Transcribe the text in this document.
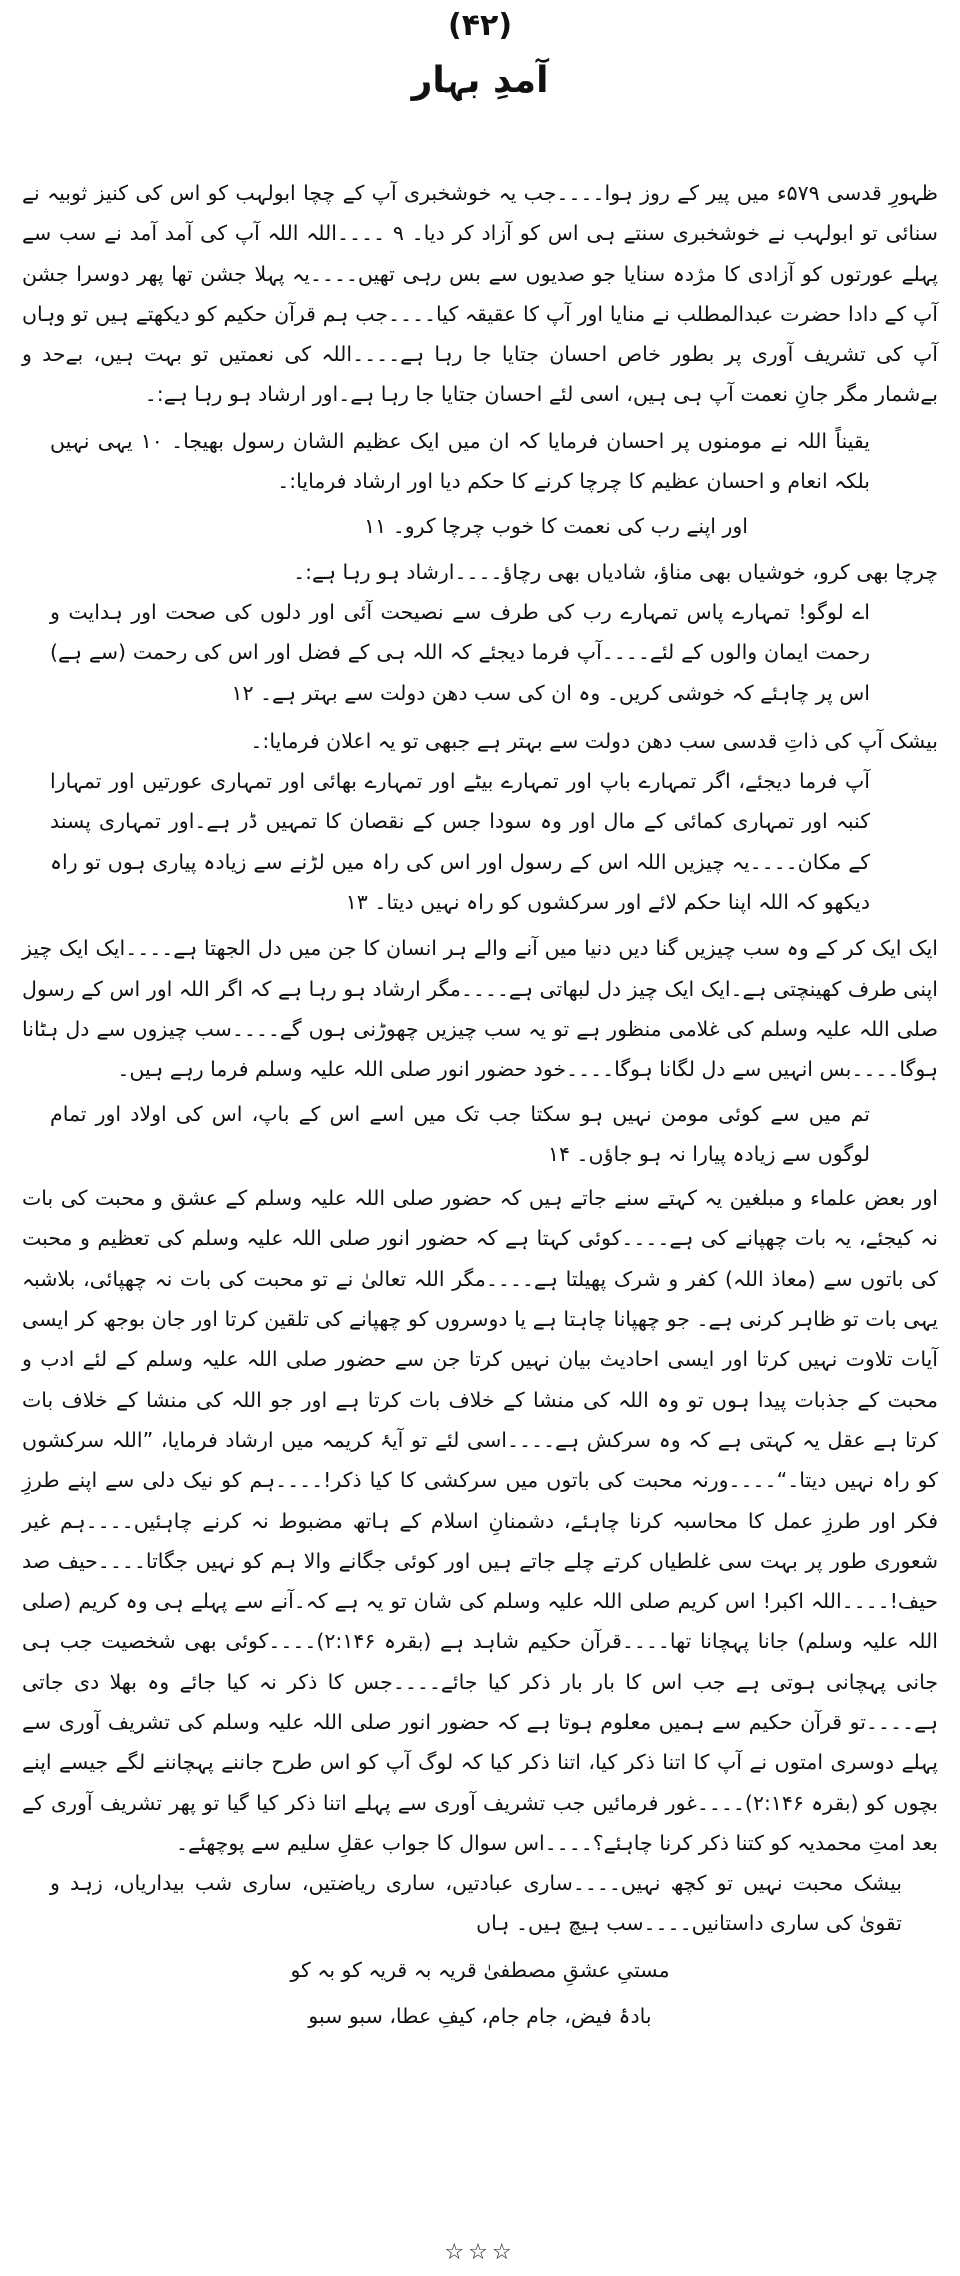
(۴۲)
آمدِ بہار

ظہورِ قدسی ۵۷۹ء میں پیر کے روز ہوا۔۔۔۔جب یہ خوشخبری آپ کے چچا ابولہب کو اس کی کنیز ثوبیہ نے سنائی تو ابولہب نے خوشخبری سنتے ہی اس کو آزاد کر دیا۔ ۹ ۔۔۔۔اللہ اللہ آپ کی آمد آمد نے سب سے پہلے عورتوں کو آزادی کا مژدہ سنایا جو صدیوں سے بس رہی تھیں۔۔۔۔یہ پہلا جشن تھا پھر دوسرا جشن آپ کے دادا حضرت عبدالمطلب نے منایا اور آپ کا عقیقہ کیا۔۔۔۔جب ہم قرآن حکیم کو دیکھتے ہیں تو وہاں آپ کی تشریف آوری پر بطور خاص احسان جتایا جا رہا ہے۔۔۔۔اللہ کی نعمتیں تو بہت ہیں، بےحد و بےشمار مگر جانِ نعمت آپ ہی ہیں، اسی لئے احسان جتایا جا رہا ہے۔اور ارشاد ہو رہا ہے:۔

یقیناً اللہ نے مومنوں پر احسان فرمایا کہ ان میں ایک عظیم الشان رسول بھیجا۔ ۱۰ یہی نہیں بلکہ انعام و احسان عظیم کا چرچا کرنے کا حکم دیا اور ارشاد فرمایا:۔

اور اپنے رب کی نعمت کا خوب چرچا کرو۔ ۱۱

چرچا بھی کرو، خوشیاں بھی مناؤ، شادیاں بھی رچاؤ۔۔۔۔ارشاد ہو رہا ہے:۔

اے لوگو! تمہارے پاس تمہارے رب کی طرف سے نصیحت آئی اور دلوں کی صحت اور ہدایت و رحمت ایمان والوں کے لئے۔۔۔۔آپ فرما دیجئے کہ اللہ ہی کے فضل اور اس کی رحمت (سے ہے) اس پر چاہئے کہ خوشی کریں۔ وہ ان کی سب دھن دولت سے بہتر ہے۔ ۱۲

بیشک آپ کی ذاتِ قدسی سب دھن دولت سے بہتر ہے جبھی تو یہ اعلان فرمایا:۔

آپ فرما دیجئے، اگر تمہارے باپ اور تمہارے بیٹے اور تمہارے بھائی اور تمہاری عورتیں اور تمہارا کنبہ اور تمہاری کمائی کے مال اور وہ سودا جس کے نقصان کا تمہیں ڈر ہے۔اور تمہاری پسند کے مکان۔۔۔۔یہ چیزیں اللہ اس کے رسول اور اس کی راہ میں لڑنے سے زیادہ پیاری ہوں تو راہ دیکھو کہ اللہ اپنا حکم لائے اور سرکشوں کو راہ نہیں دیتا۔ ۱۳

ایک ایک کر کے وہ سب چیزیں گنا دیں دنیا میں آنے والے ہر انسان کا جن میں دل الجھتا ہے۔۔۔۔ایک ایک چیز اپنی طرف کھینچتی ہے۔ایک ایک چیز دل لبھاتی ہے۔۔۔۔مگر ارشاد ہو رہا ہے کہ اگر اللہ اور اس کے رسول صلی اللہ علیہ وسلم کی غلامی منظور ہے تو یہ سب چیزیں چھوڑنی ہوں گے۔۔۔۔سب چیزوں سے دل ہٹانا ہوگا۔۔۔۔بس انہیں سے دل لگانا ہوگا۔۔۔۔خود حضور انور صلی اللہ علیہ وسلم فرما رہے ہیں۔

تم میں سے کوئی مومن نہیں ہو سکتا جب تک میں اسے اس کے باپ، اس کی اولاد اور تمام لوگوں سے زیادہ پیارا نہ ہو جاؤں۔ ۱۴

اور بعض علماء و مبلغین یہ کہتے سنے جاتے ہیں کہ حضور صلی اللہ علیہ وسلم کے عشق و محبت کی بات نہ کیجئے، یہ بات چھپانے کی ہے۔۔۔۔کوئی کہتا ہے کہ حضور انور صلی اللہ علیہ وسلم کی تعظیم و محبت کی باتوں سے (معاذ اللہ) کفر و شرک پھیلتا ہے۔۔۔۔مگر اللہ تعالیٰ نے تو محبت کی بات نہ چھپائی، بلاشبہ یہی بات تو ظاہر کرنی ہے۔ جو چھپانا چاہتا ہے یا دوسروں کو چھپانے کی تلقین کرتا اور جان بوجھ کر ایسی آیات تلاوت نہیں کرتا اور ایسی احادیث بیان نہیں کرتا جن سے حضور صلی اللہ علیہ وسلم کے لئے ادب و محبت کے جذبات پیدا ہوں تو وہ اللہ کی منشا کے خلاف بات کرتا ہے اور جو اللہ کی منشا کے خلاف بات کرتا ہے عقل یہ کہتی ہے کہ وہ سرکش ہے۔۔۔۔اسی لئے تو آیۂ کریمہ میں ارشاد فرمایا، ”اللہ سرکشوں کو راہ نہیں دیتا۔“۔۔۔۔ورنہ محبت کی باتوں میں سرکشی کا کیا ذکر!۔۔۔۔ہم کو نیک دلی سے اپنے طرزِ فکر اور طرزِ عمل کا محاسبہ کرنا چاہئے، دشمنانِ اسلام کے ہاتھ مضبوط نہ کرنے چاہئیں۔۔۔۔ہم غیر شعوری طور پر بہت سی غلطیاں کرتے چلے جاتے ہیں اور کوئی جگانے والا ہم کو نہیں جگاتا۔۔۔۔حیف صد حیف!۔۔۔۔اللہ اکبر! اس کریم صلی اللہ علیہ وسلم کی شان تو یہ ہے کہ۔آنے سے پہلے ہی وہ کریم (صلی اللہ علیہ وسلم) جانا پہچانا تھا۔۔۔۔قرآن حکیم شاہد ہے (بقرہ ۲:۱۴۶)۔۔۔۔کوئی بھی شخصیت جب ہی جانی پہچانی ہوتی ہے جب اس کا بار بار ذکر کیا جائے۔۔۔۔جس کا ذکر نہ کیا جائے وہ بھلا دی جاتی ہے۔۔۔۔تو قرآن حکیم سے ہمیں معلوم ہوتا ہے کہ حضور انور صلی اللہ علیہ وسلم کی تشریف آوری سے پہلے دوسری امتوں نے آپ کا اتنا ذکر کیا، اتنا ذکر کیا کہ لوگ آپ کو اس طرح جاننے پہچاننے لگے جیسے اپنے بچوں کو (بقرہ ۲:۱۴۶)۔۔۔۔غور فرمائیں جب تشریف آوری سے پہلے اتنا ذکر کیا گیا تو پھر تشریف آوری کے بعد امتِ محمدیہ کو کتنا ذکر کرنا چاہئے؟۔۔۔۔اس سوال کا جواب عقلِ سلیم سے پوچھئے۔

بیشک محبت نہیں تو کچھ نہیں۔۔۔۔ساری عبادتیں، ساری ریاضتیں، ساری شب بیداریاں، زہد و تقویٰ کی ساری داستانیں۔۔۔۔سب ہیچ ہیں۔ ہاں

مستیِ عشقِ مصطفیٰ قریہ بہ قریہ کو بہ کو

بادۂ فیض، جام جام، کیفِ عطا، سبو سبو

☆☆☆
